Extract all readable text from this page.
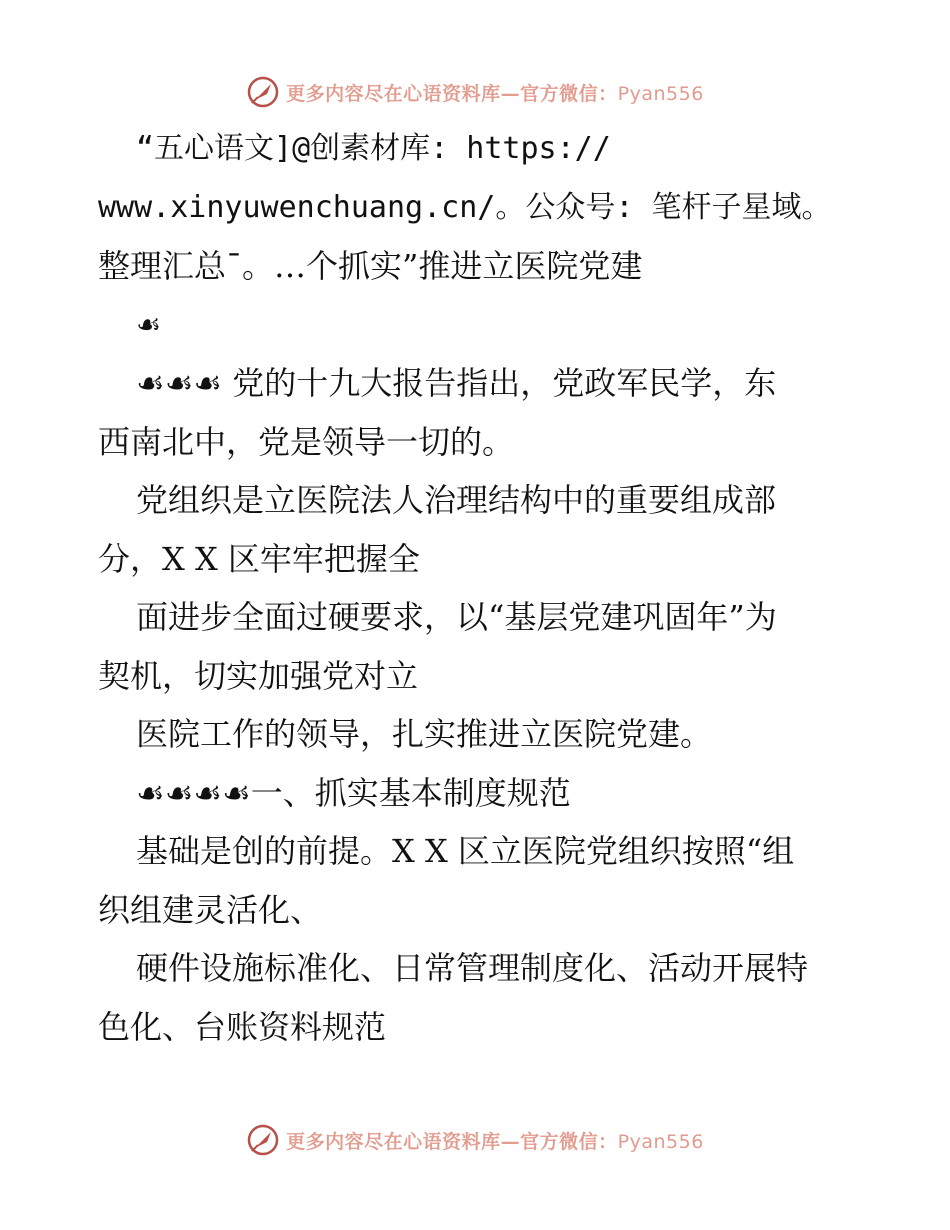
更多内容尽在心语资料库—官方微信：Pyan556

“五心语文]@创素材库: https://

www.xinyuwenchuang.cn/。公众号: 笔杆子星域。

整理汇总¯。…个抓实”推进立医院党建

☙

☙☙☙ 党的十九大报告指出，党政军民学，东

西南北中，党是领导一切的。

党组织是立医院法人治理结构中的重要组成部

分，X X 区牢牢把握全

面进步全面过硬要求，以“基层党建巩固年”为

契机，切实加强党对立

医院工作的领导，扎实推进立医院党建。

☙☙☙☙一、抓实基本制度规范

基础是创的前提。X X 区立医院党组织按照“组

织组建灵活化、

硬件设施标准化、日常管理制度化、活动开展特

色化、台账资料规范

更多内容尽在心语资料库—官方微信：Pyan556
